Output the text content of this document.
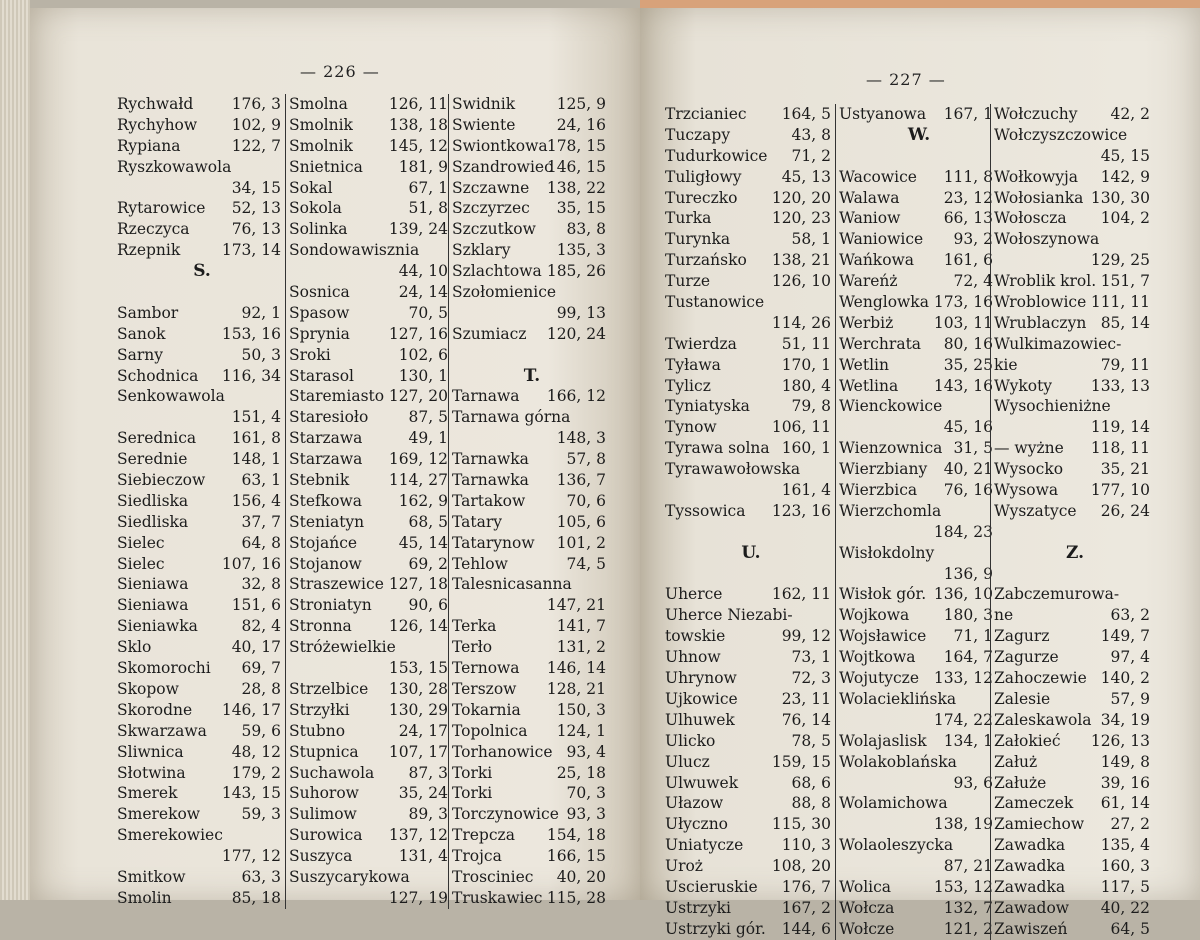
— 226 —	— 227 —
Rychwałd 176, 3
Rychyhow 102, 9
Rypiana	122, 7
Ryszkowawola
34, 15
Rytarowice 52, 13
Rzeczyca	76, 13
Rzepnik	173, 14
S.
Sambor	92, 1
Sanok	153, 16
Sarny	50, 3
Schodnica 116, 34
Senkowawola
151, 4
Serednica 161, 8
Serednie	148, 1
Siebieczow 63, 1
Siedliska	156, 4
Siedliska	37, 7
Sielec	64, 8
Sielec	107, 16
Sieniawa	32, 8
Sieniawa	151, 6
Sieniawka	82, 4
Sklo	40, 17
Skomorochi 69, 7
Skopow	28, 8
Skorodne 146, 17
Skwarzawa 59, 6
Sliwnica	48, 12
Słotwina	179, 2
Smerek	143, 15
Smerekow	59, 3
Smerekowiec
177, 12
Smitkow	63, 3
Smolin	85, 18
Smolna	126, 11
Smolnik 138, 18
Smolnik 145, 12
Snietnica 181, 9
Sokal	67, 1
Sokola	51, 8
Solinka	139, 24
Sondowawisznia
44, 10
Sosnica	24, 14
Spasow	70, 5
Sprynia	127, 16
Sroki	102, 6
Starasol	130, 1
Staremiasto 127, 20
Staresioło	87, 5
Starzawa	49, 1
Starzawa 169, 12
Stebnik	114, 27
Stefkowa 162, 9
Steniatyn	68, 5
Stojańce	45, 14
Stojanow	69, 2
Straszewice 127, 18
Stroniatyn 90, 6
Stronna 126, 14
Stróżewielkie
153, 15
Strzelbice 130, 28
Strzyłki	130, 29
Stubno	24, 17
Stupnica 107, 17
Suchawola 87, 3
Suhorow	35, 24
Sulimow	89, 3
Surowica 137, 12
Suszyca	131, 4
Suszycarykowa
127, 19
Swidnik	125, 9
Swiente	24, 16
Swiontkowa 178, 15
Szandrowiec
146, 15
Szczawne 138, 22
Szczyrzec 35, 15
Szczutkow 83, 8
Szklary	135, 3
Szlachtowa 185, 26
Szołomienice
99, 13
Szumiacz 120, 24
T.
Tarnawa 166, 12
Tarnawa górna
148, 3
Tarnawka 57, 8
Tarnawka 136, 7
Tartakow	70, 6
Tatary	105, 6
Tatarynow 101, 2
Tehlow	74, 5
Talesnicasanna
147, 21
Terka	141, 7
Terło	131, 2
Ternowa 146, 14
Terszow 128, 21
Tokarnia 150, 3
Topolnica 124, 1
Torhanowice 93, 4
Torki	25, 18
Torki	70, 3
Torczynowice 93, 3
Trepcza 154, 18
Trojca	166, 15
Trosciniec 40, 20
Truskawiec 115, 28
Trzcianiec 164, 5
Tuczapy	43, 8
Tudurkowice 71, 2
Tuligłowy	45, 13
Tureczko 120, 20
Turka	120, 23
Turynka	58, 1
Turzańsko 138, 21
Turze	126, 10
Tustanowice
114, 26
Twierdza	51, 11
Tyława	170, 1
Tylicz	180, 4
Tyniatyska	79, 8
Tynow	106, 11
Tyrawa solna 160, 1
Tyrawawołowska
161, 4
Tyssowica 123, 16
U.
Uherce	162, 11
Uherce Niezabi-
towskie	99, 12
Uhnow	73, 1
Uhrynow	72, 3
Ujkowice	23, 11
Ulhuwek	76, 14
Ulicko	78, 5
Ulucz	159, 15
Ulwuwek	68, 6
Ułazow	88, 8
Ułyczno	115, 30
Uniatycze 110, 3
Uroż	108, 20
Uscieruskie 176, 7
Ustrzyki	167, 2
Ustrzyki gór. 144, 6
Ustyanowa 167, 1
W.
Wacowice 111, 8
Walawa	23, 12
Waniow	66, 13
Waniowice 93, 2
Wańkowa 161, 6
Wareńż	72, 4
Wenglowka 173, 16
Werbiż	103, 11
Werchrata 80, 16
Wetlin	35, 25
Wetlina 143, 16
Wienckowice
45, 16
Wienzownica 31, 5
Wierzbiany 40, 21
Wierzbica 76, 16
Wierzchomla
184, 23
Wisłokdolny
136, 9
Wisłok gór. 136, 10
Wojkowa 180, 3
Wojsławice 71, 1
Wojtkowa 164, 7
Wojutycze 133, 12
Wolacieklińska
174, 22
Wolajaslisk 134, 1
Wolakoblańska
93, 6
Wolamichowa
138, 19
Wolaoleszycka
87, 21
Wolica	153, 12
Wołcza	132, 7
Wołcze	121, 2
Wołczuchy 42, 2
Wołczyszczowice
45, 15
Wołkowyja 142, 9
Wołosianka 130, 30
Wołoscza 104, 2
Wołoszynowa
129, 25
Wroblik krol. 151, 7
Wroblowice 111, 11
Wrublaczyn 85, 14
Wulkimazowiec-
kie	79, 11
Wykoty	133, 13
Wysochieniżne
119, 14
— wyżne 118, 11
Wysocko 35, 21
Wysowa 177, 10
Wyszatyce 26, 24
Z.
Zabczemurowa-
ne	63, 2
Zagurz	149, 7
Zagurze	97, 4
Zahoczewie 140, 2
Zalesie	57, 9
Zaleskawola 34, 19
Załokieć 126, 13
Załuż	149, 8
Załuże	39, 16
Zameczek 61, 14
Zamiechow 27, 2
Zawadka 135, 4
Zawadka 160, 3
Zawadka 117, 5
Zawadow 40, 22
Zawiszeń	64, 5
